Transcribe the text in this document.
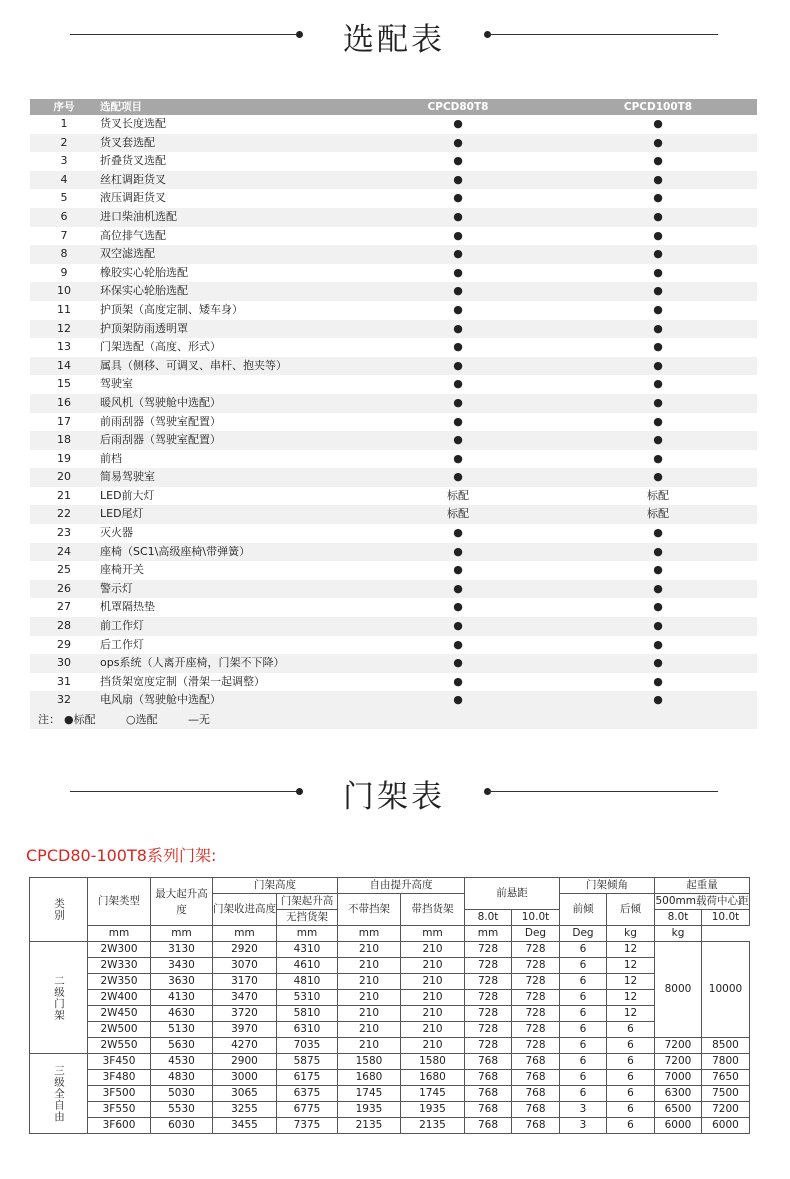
选配表
序号	选配项目	CPCD80T8	CPCD100T8
1	货叉长度选配	●	●
2	货叉套选配	●	●
3	折叠货叉选配	●	●
4	丝杠调距货叉	●	●
5	液压调距货叉	●	●
6	进口柴油机选配	●	●
7	高位排气选配	●	●
8	双空滤选配	●	●
9	橡胶实心轮胎选配	●	●
10	环保实心轮胎选配	●	●
11	护顶架（高度定制、矮车身）	●	●
12	护顶架防雨透明罩	●	●
13	门架选配（高度、形式）	●	●
14	属具（侧移、可调叉、串杆、抱夹等）	●	●
15	驾驶室	●	●
16	暖风机（驾驶舱中选配）	●	●
17	前雨刮器（驾驶室配置）	●	●
18	后雨刮器（驾驶室配置）	●	●
19	前档	●	●
20	简易驾驶室	●	●
21	LED前大灯	标配	标配
22	LED尾灯	标配	标配
23	灭火器	●	●
24	座椅（SC1\高级座椅\带弹簧）	●	●
25	座椅开关	●	●
26	警示灯	●	●
27	机罩隔热垫	●	●
28	前工作灯	●	●
29	后工作灯	●	●
30	ops系统（人离开座椅，门架不下降）	●	●
31	挡货架宽度定制（滑架一起调整）	●	●
32	电风扇（驾驶舱中选配）	●	●
注： ●标配	○选配	—无
门架表
CPCD80-100T8系列门架:
类别	门架类型	最大起升高度	门架高度		自由提升高度		前悬距		门架倾角		起重量	
			门架收进高度	门架起升高	不带挡架	带挡货架			前倾	后倾	500mm载荷中心距	
				无挡货架			8.0t	10.0t			8.0t	10.0t
	mm	mm	mm	mm	mm	mm	mm	Deg	Deg	kg	kg	
二级门架	2W300	3130	2920	4310	210	210	728	728	6	12	8000	10000
	2W330	3430	3070	4610	210	210	728	728	6	12		
	2W350	3630	3170	4810	210	210	728	728	6	12		
	2W400	4130	3470	5310	210	210	728	728	6	12		
	2W450	4630	3720	5810	210	210	728	728	6	12		
	2W500	5130	3970	6310	210	210	728	728	6	6		
	2W550	5630	4270	7035	210	210	728	728	6	6	7200	8500
三级全自由	3F450	4530	2900	5875	1580	1580	768	768	6	6	7200	7800
	3F480	4830	3000	6175	1680	1680	768	768	6	6	7000	7650
	3F500	5030	3065	6375	1745	1745	768	768	6	6	6300	7500
	3F550	5530	3255	6775	1935	1935	768	768	3	6	6500	7200
	3F600	6030	3455	7375	2135	2135	768	768	3	6	6000	6000
